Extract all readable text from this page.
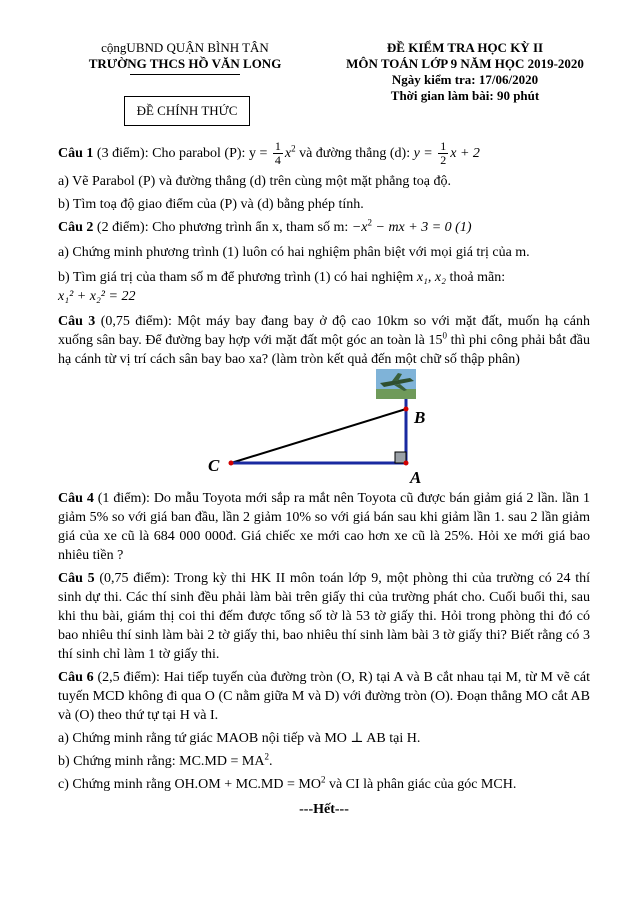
cộngUBND QUẬN BÌNH TÂN
TRƯỜNG THCS HỒ VĂN LONG
ĐỀ KIỂM TRA HỌC KỲ II
MÔN TOÁN LỚP 9 NĂM HỌC 2019-2020
Ngày kiểm tra: 17/06/2020
Thời gian làm bài: 90 phút
ĐỀ CHÍNH THỨC

Câu 1 (3 điểm): Cho parabol (P): $y = \frac{1}{4} x^2$ và đường thẳng (d): $y = \frac{1}{2}$ x + 2

a) Vẽ Parabol (P) và đường thẳng (d) trên cùng một mặt phẳng toạ độ.

b) Tìm toạ độ giao điểm của (P) và (d) bằng phép tính.

Câu 2 (2 điểm): Cho phương trình ẩn x, tham số m: $-x^2$ − mx + 3 = 0 (1)

a) Chứng minh phương trình (1) luôn có hai nghiệm phân biệt với mọi giá trị của m.

b) Tìm giá trị của tham số m để phương trình (1) có hai nghiệm x₁, x₂ thoả mãn:
x₁² + x₂² = 22

Câu 3 (0,75 điểm): Một máy bay đang bay ở độ cao 10km so với mặt đất, muốn hạ cánh xuống sân bay. Để đường bay hợp với mặt đất một góc an toàn là $15^0$ thì phi công phải bắt đầu hạ cánh từ vị trí cách sân bay bao xa? (làm tròn kết quả đến một chữ số thập phân)

B
C
A

Câu 4 (1 điểm): Do mẫu Toyota mới sắp ra mắt nên Toyota cũ được bán giảm giá 2 lần. lần 1 giảm 5% so với giá ban đầu, lần 2 giảm 10% so với giá bán sau khi giảm lần 1. sau 2 lần giảm giá của xe cũ là 684 000 000đ. Giá chiếc xe mới cao hơn xe cũ là 25%. Hỏi xe mới giá bao nhiêu tiền ?

Câu 5 (0,75 điểm): Trong kỳ thi HK II môn toán lớp 9, một phòng thi của trường có 24 thí sinh dự thi. Các thí sinh đều phải làm bài trên giấy thi của trường phát cho. Cuối buổi thi, sau khi thu bài, giám thị coi thi đếm được tổng số tờ là 53 tờ giấy thi. Hỏi trong phòng thi đó có bao nhiêu thí sinh làm bài 2 tờ giấy thi, bao nhiêu thí sinh làm bài 3 tờ giấy thi? Biết rằng có 3 thí sinh chỉ làm 1 tờ giấy thi.

Câu 6 (2,5 điểm): Hai tiếp tuyến của đường tròn (O, R) tại A và B cắt nhau tại M, từ M vẽ cát tuyến MCD không đi qua O (C nằm giữa M và D) với đường tròn (O). Đoạn thẳng MO cắt AB và (O) theo thứ tự tại H và I.

a) Chứng minh rằng tứ giác MAOB nội tiếp và MO ⊥ AB tại H.

b) Chứng minh rằng: $MC.MD = MA^2$.

c) Chứng minh rằng $OH.OM + MC.MD = MO^2$ và CI là phân giác của góc MCH.

---Hết---
